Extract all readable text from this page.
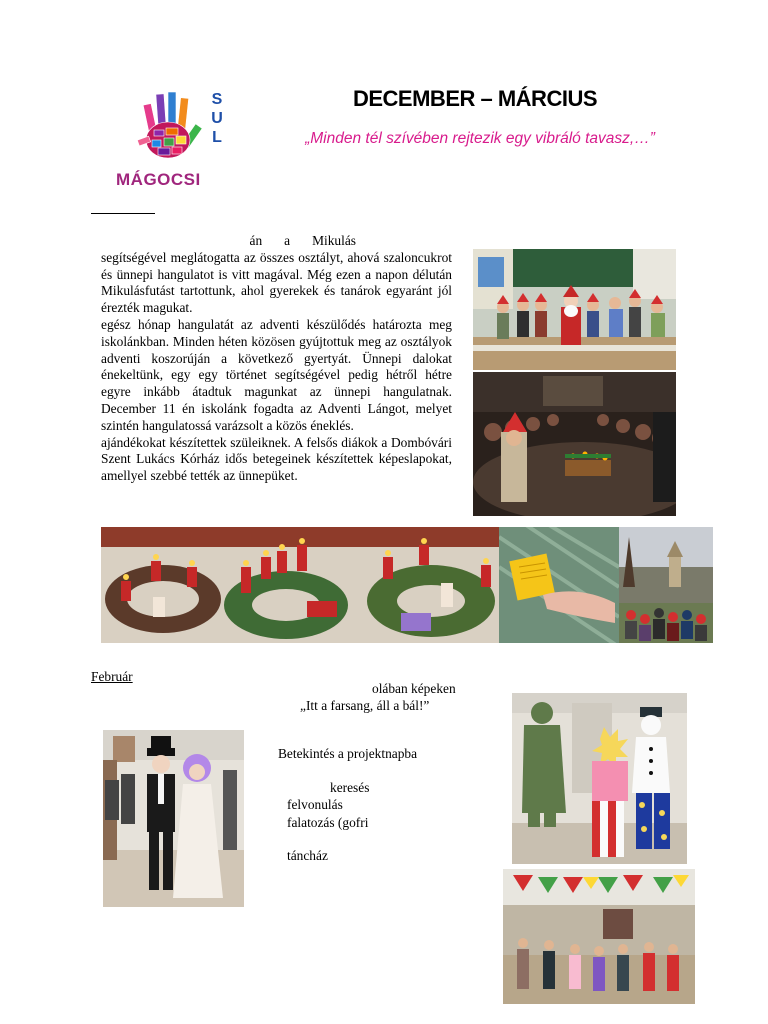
S
U
L
MÁGOCSI
DECEMBER – MÁRCIUS
„Minden tél szívében rejtezik egy vibráló tavasz,…”
án a Mikulás

segítségével meglátogatta az összes osztályt, ahová szaloncukrot és ünnepi hangulatot is vitt magával. Még ezen a napon délután Mikulásfutást tartottunk, ahol gyerekek és tanárok egyaránt jól érezték magukat.

egész hónap hangulatát az adventi készülődés határozta meg iskolánkban. Minden héten közösen gyújtottuk meg az osztályok adventi koszorúján a következő gyertyát. Ünnepi dalokat énekeltünk, egy egy történet segítségével pedig hétről hétre egyre inkább átadtuk magunkat az ünnepi hangulatnak. December 11 én iskolánk fogadta az Adventi Lángot, melyet szintén hangulatossá varázsolt a közös éneklés.

ajándékokat készítettek szüleiknek. A felsős diákok a Dombóvári Szent Lukács Kórház idős betegeinek készítettek képeslapokat, amellyel szebbé tették az ünnepüket.

Február
olában képeken
„Itt a farsang, áll a bál!”
Betekintés a projektnapba
keresés
felvonulás
falatozás (gofri
táncház
